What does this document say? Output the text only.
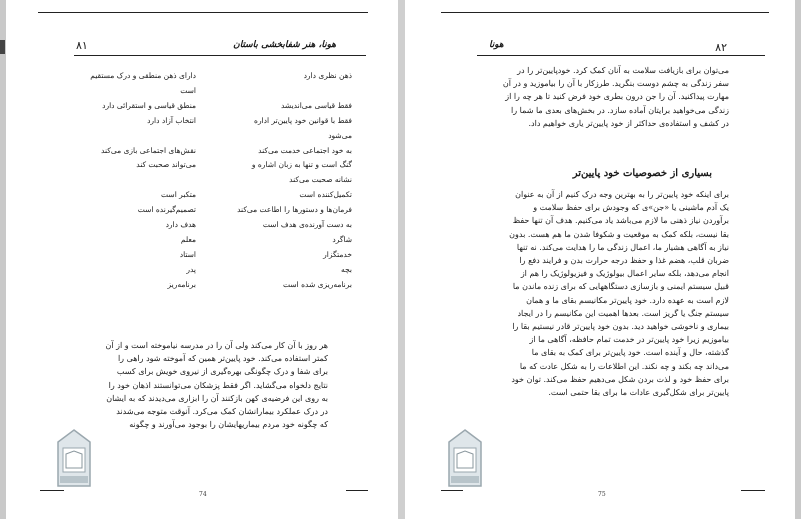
هونا، هنر شفابخشی باستان
۸۱
ذهن نظری دارد
دارای ذهن منطقی و درک مستقیم
است
فقط قیاسی می‌اندیشد
منطق قیاسی و استقرائی دارد
فقط با قوانین خود پایین‌تر اداره
انتخاب آزاد دارد
می‌شود
به خود اجتماعی خدمت می‌کند
نقش‌های اجتماعی بازی می‌کند
گنگ است و تنها به زبان اشاره و
می‌تواند صحبت کند
نشانه صحبت می‌کند
تکمیل‌کننده است
متکبر است
فرمان‌ها و دستورها را اطاعت می‌کند
تصمیم‌گیرنده است
به دست آورنده‌ی هدف است
هدف دارد
شاگرد
معلم
خدمتگزار
استاد
بچه
پدر
برنامه‌ریزی شده است
برنامه‌ریز
هر روز با آن کار می‌کند ولی آن را در مدرسه نیاموخته است و از آن
کمتر استفاده می‌کند. خود پایین‌تر همین که آموخته شود راهی را
برای شفا و درک چگونگی بهره‌گیری از نیروی خویش برای کسب
نتایج دلخواه می‌گشاید. اگر فقط پزشکان می‌توانستند اذهان خود را
به روی این فرضیه‌ی کهن بازکنند آن را ابزاری می‌دیدند که به ایشان
در درک عملکرد بیمارانشان کمک می‌کرد. آنوقت متوجه می‌شدند
که چگونه خود مردم بیماریهایشان را بوجود می‌آورند و چگونه
74
هونا	۸۲
می‌توان برای بازیافت سلامت به آنان کمک کرد. خودپایین‌تر را در
سفر زندگی به چشم دوست بنگرید. طرزکار با آن را بیاموزید و در آن
مهارت پیداکنید. آن را جن درون بطری خود فرض کنید تا هر چه را از
زندگی می‌خواهید برایتان آماده سازد. در بخش‌های بعدی ما شما را
در کشف و استفاده‌ی حداکثر از خود پایین‌تر یاری خواهیم داد.
بسیاری از خصوصیات خود پایین‌تر
برای اینکه خود پایین‌تر را به بهترین وجه درک کنیم از آن به عنوان
یک آدم ماشینی یا «جن»ی که وجودش برای حفظ سلامت و
برآوردن نیاز ذهنی ما لازم می‌باشد یاد می‌کنیم. هدف آن تنها حفظ
بقا نیست، بلکه کمک به موقعیت و شکوفا شدن ما هم هست. بدون
نیاز به آگاهی هشیار ما، اعمال زندگی ما را هدایت می‌کند. نه تنها
ضربان قلب، هضم غذا و حفظ درجه حرارت بدن و فرایند دفع را
انجام می‌دهد، بلکه سایر اعمال بیولوژیک و فیزیولوژیک را هم از
قبیل سیستم ایمنی و بازسازی دستگاههایی که برای زنده ماندن ما
لازم است به عهده دارد. خود پایین‌تر مکانیسم بقای ما و همان
سیستم جنگ یا گریز است. بعدها اهمیت این مکانیسم را در ایجاد
بیماری و ناخوشی خواهید دید. بدون خود پایین‌تر قادر نیستیم بقا را
بیاموزیم زیرا خود پایین‌تر در خدمت تمام حافظه، آگاهی ما از
گذشته، حال و آینده است. خود پایین‌تر برای کمک به بقای ما
می‌داند چه بکند و چه نکند. این اطلاعات را به شکل عادت که ما
برای حفظ خود و لذت بردن شکل می‌دهیم حفظ می‌کند. توان خود
پایین‌تر برای شکل‌گیری عادات ما برای بقا حتمی است.
75
